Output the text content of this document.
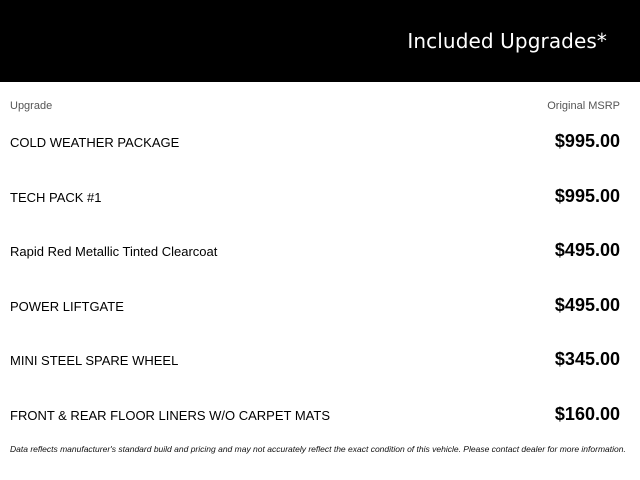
Included Upgrades*
Upgrade	Original MSRP
COLD WEATHER PACKAGE	$995.00
TECH PACK #1	$995.00
Rapid Red Metallic Tinted Clearcoat	$495.00
POWER LIFTGATE	$495.00
MINI STEEL SPARE WHEEL	$345.00
FRONT & REAR FLOOR LINERS W/O CARPET MATS	$160.00
Data reflects manufacturer's standard build and pricing and may not accurately reflect the exact condition of this vehicle. Please contact dealer for more information.
